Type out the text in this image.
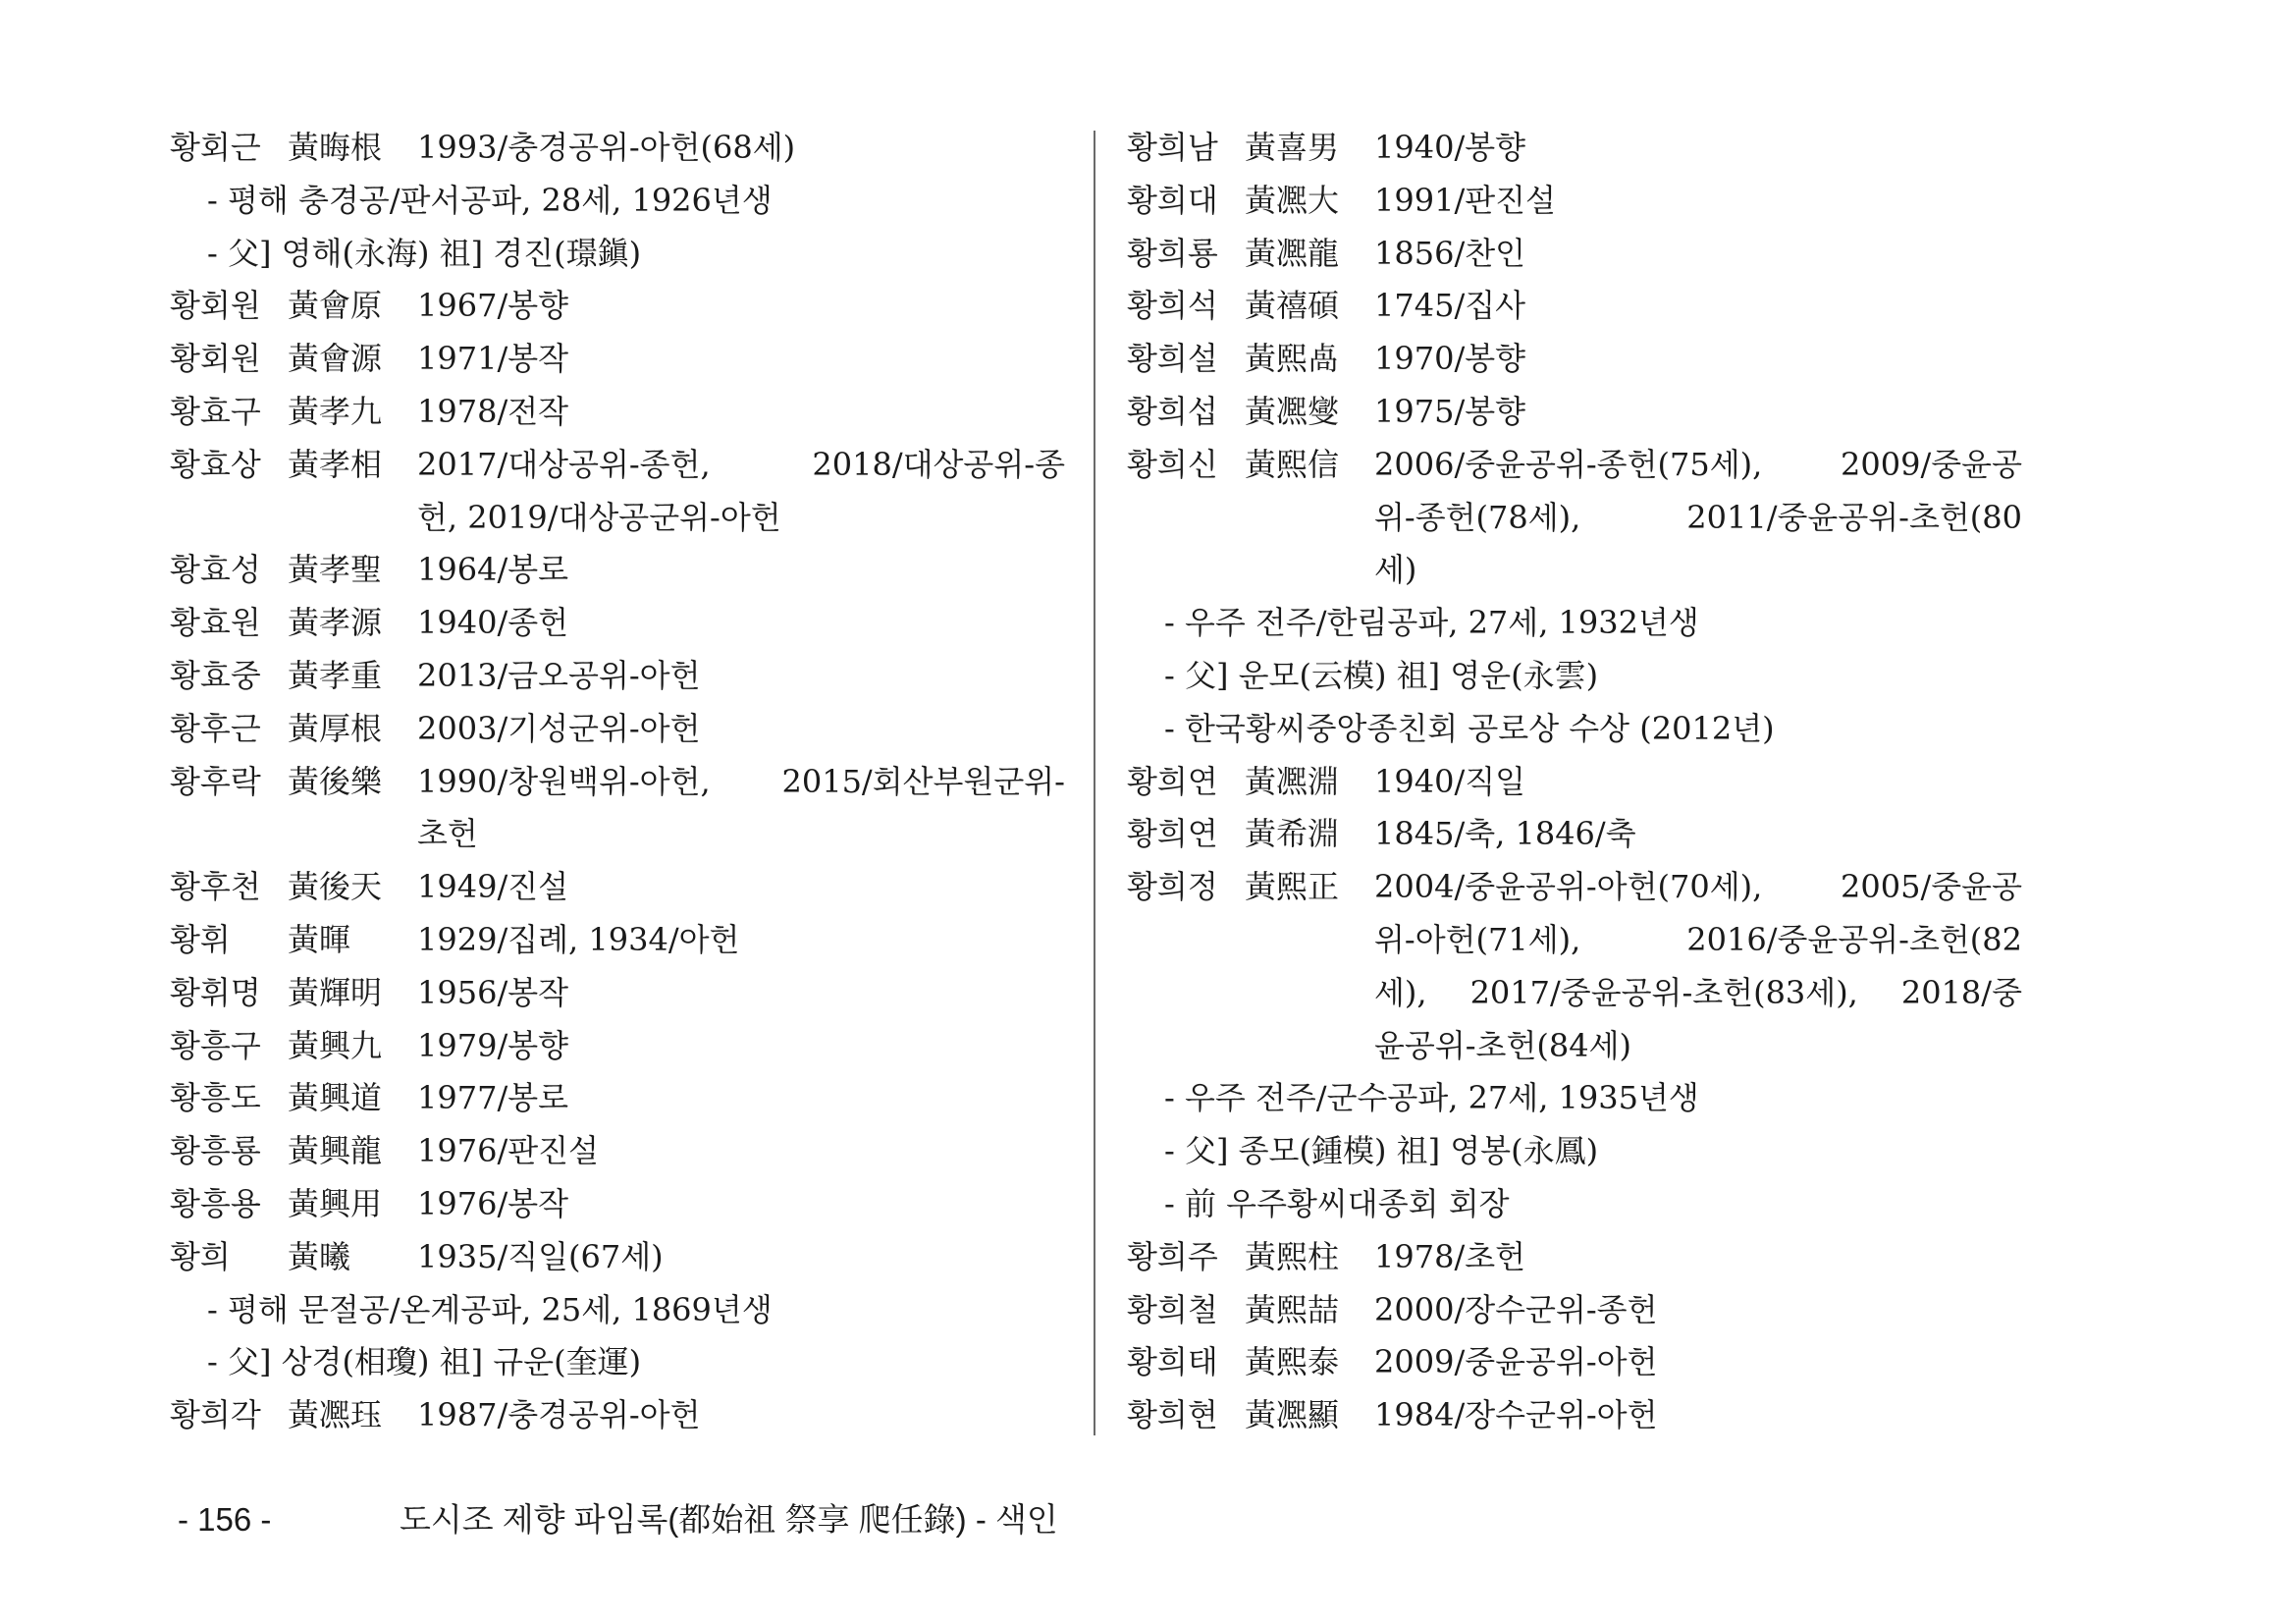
황회근 黃晦根	1993/충경공위-아헌(68세)
- 평해 충경공/판서공파, 28세, 1926년생
- 父] 영해(永海) 祖] 경진(璟鎭)
황회원 黃會原	1967/봉향
황회원 黃會源	1971/봉작
황효구 黃孝九	1978/전작
황효상 黃孝相	2017/대상공위-종헌, 2018/대상공위-종
헌, 2019/대상공군위-아헌
황효성 黃孝聖	1964/봉로
황효원 黃孝源	1940/종헌
황효중 黃孝重	2013/금오공위-아헌
황후근 黃厚根	2003/기성군위-아헌
황후락 黃後樂	1990/창원백위-아헌, 2015/회산부원군위-
초헌
황후천 黃後天	1949/진설
황휘	黃暉	1929/집례, 1934/아헌
황휘명 黃輝明	1956/봉작
황흥구 黃興九	1979/봉향
황흥도 黃興道	1977/봉로
황흥룡 黃興龍	1976/판진설
황흥용 黃興用	1976/봉작
황희	黃曦	1935/직일(67세)
- 평해 문절공/온계공파, 25세, 1869년생
- 父] 상경(相瓊) 祖] 규운(奎運)
황희각 黃凞珏	1987/충경공위-아헌
황희남 黃喜男	1940/봉향
황희대 黃凞大	1991/판진설
황희룡 黃凞龍	1856/찬인
황희석 黃禧碩	1745/집사
황희설 黃熙卨	1970/봉향
황희섭 黃凞燮	1975/봉향
황희신 黃熙信	2006/중윤공위-종헌(75세), 2009/중윤공
위-종헌(78세), 2011/중윤공위-초헌(80
세)
- 우주 전주/한림공파, 27세, 1932년생
- 父] 운모(云模) 祖] 영운(永雲)
- 한국황씨중앙종친회 공로상 수상 (2012년)
황희연 黃凞淵	1940/직일
황희연 黃希淵	1845/축, 1846/축
황희정 黃熙正	2004/중윤공위-아헌(70세), 2005/중윤공
위-아헌(71세), 2016/중윤공위-초헌(82
세), 2017/중윤공위-초헌(83세), 2018/중
윤공위-초헌(84세)
- 우주 전주/군수공파, 27세, 1935년생
- 父] 종모(鍾模) 祖] 영봉(永鳳)
- 前 우주황씨대종회 회장
황희주 黃熙柱	1978/초헌
황희철 黃熙喆	2000/장수군위-종헌
황희태 黃熙泰	2009/중윤공위-아헌
황희현 黃凞顯	1984/장수군위-아헌
- 156 -	도시조 제향 파임록(都始祖 祭享 爬任錄) - 색인
